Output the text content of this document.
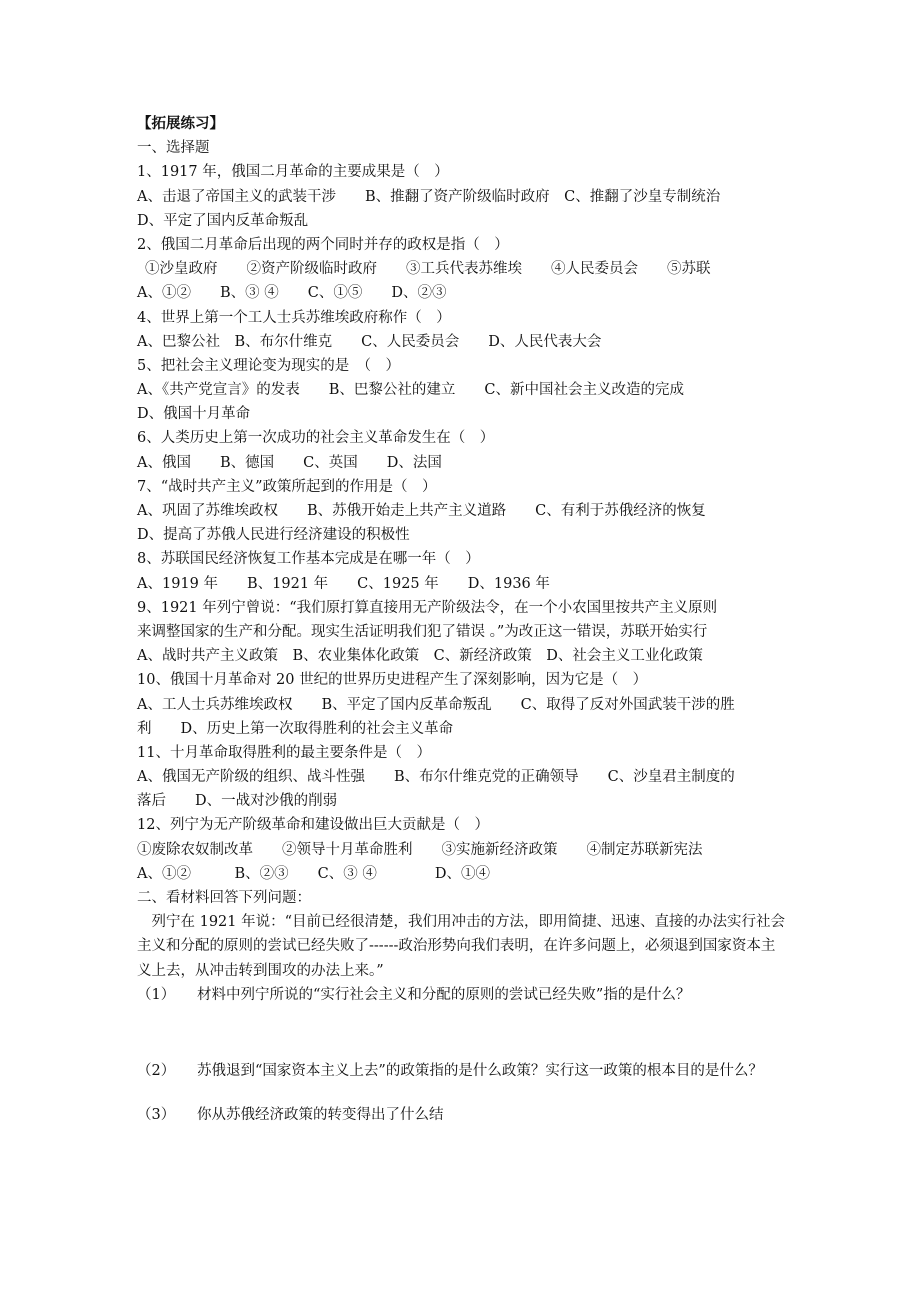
【拓展练习】
一、选择题
1、1917 年，俄国二月革命的主要成果是（　）
A、击退了帝国主义的武装干涉　　B、推翻了资产阶级临时政府　C、推翻了沙皇专制统治
D、平定了国内反革命叛乱
2、俄国二月革命后出现的两个同时并存的政权是指（　）
①沙皇政府　　②资产阶级临时政府　　③工兵代表苏维埃　　④人民委员会　　⑤苏联
A、①②　　B、③ ④　　C、①⑤　　D、②③
4、世界上第一个工人士兵苏维埃政府称作（　）
A、巴黎公社　B、布尔什维克　　C、人民委员会　　D、人民代表大会
5、把社会主义理论变为现实的是　（　）
A、《共产党宣言》的发表　　B、巴黎公社的建立　　C、新中国社会主义改造的完成
D、俄国十月革命
6、人类历史上第一次成功的社会主义革命发生在（　）
A、俄国　　B、德国　　C、英国　　D、法国
7、“战时共产主义”政策所起到的作用是（　）
A、巩固了苏维埃政权　　B、苏俄开始走上共产主义道路　　C、有利于苏俄经济的恢复
D、提高了苏俄人民进行经济建设的积极性
8、苏联国民经济恢复工作基本完成是在哪一年（　）
A、1919 年　　B、1921 年　　C、1925 年　　D、1936 年
9、1921 年列宁曾说：“我们原打算直接用无产阶级法令，在一个小农国里按共产主义原则
来调整国家的生产和分配。现实生活证明我们犯了错误 。”为改正这一错误，苏联开始实行
A、战时共产主义政策　B、农业集体化政策　C、新经济政策　D、社会主义工业化政策
10、俄国十月革命对 20 世纪的世界历史进程产生了深刻影响，因为它是（　）
A、工人士兵苏维埃政权　　B、平定了国内反革命叛乱　　C、取得了反对外国武装干涉的胜
利　　D、历史上第一次取得胜利的社会主义革命
11、十月革命取得胜利的最主要条件是（　）
A、俄国无产阶级的组织、战斗性强　　B、布尔什维克党的正确领导　　C、沙皇君主制度的
落后　　D、一战对沙俄的削弱
12、列宁为无产阶级革命和建设做出巨大贡献是（　）
①废除农奴制改革　　②领导十月革命胜利　　③实施新经济政策　　④制定苏联新宪法
A、①②　　　B、②③　　C、③ ④　　　　D、①④
二、看材料回答下列问题：
列宁在 1921 年说：“目前已经很清楚，我们用冲击的方法，即用简捷、迅速、直接的办法实行社会主义和分配的原则的尝试已经失败了------政治形势向我们表明，在许多问题上，必须退到国家资本主义上去，从冲击转到围攻的办法上来。”
（1）	材料中列宁所说的“实行社会主义和分配的原则的尝试已经失败”指的是什么？
（2）	苏俄退到“国家资本主义上去”的政策指的是什么政策？实行这一政策的根本目的是什么？
（3）	你从苏俄经济政策的转变得出了什么结
